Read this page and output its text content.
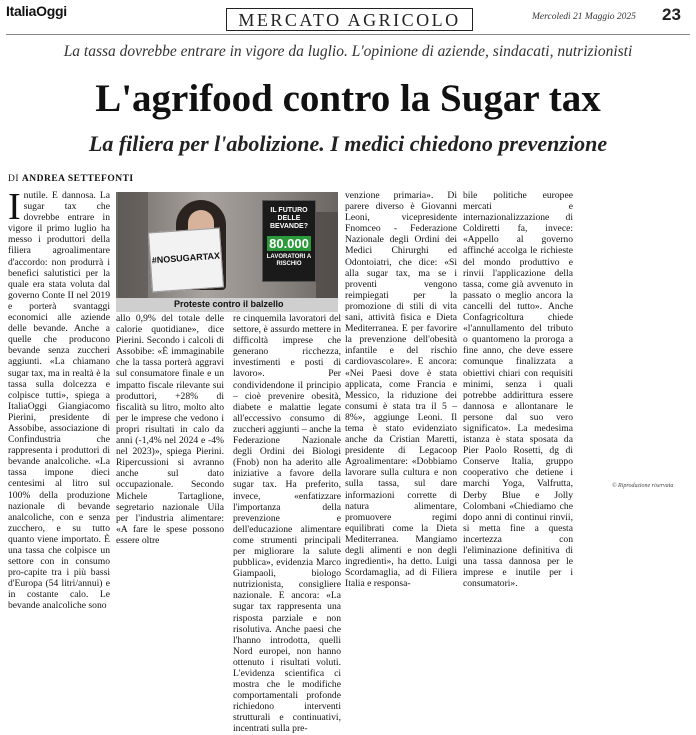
ItaliaOggi	MERCATO AGRICOLO	Mercoledì 21 Maggio 2025 23
La tassa dovrebbe entrare in vigore da luglio. L'opinione di aziende, sindacati, nutrizionisti
L'agrifood contro la Sugar tax
La filiera per l'abolizione. I medici chiedono prevenzione
DI ANDREA SETTEFONTI
#NOSUGARTAX
IL FUTURO DELLE BEVANDE?
80.000
LAVORATORI A RISCHIO
Proteste contro il balzello
Inutile. E dannosa. La sugar tax che dovrebbe entrare in vigore il primo luglio ha messo i produttori della filiera agroalimentare d'accordo: non produrrà i benefici salutistici per la quale era stata voluta dal governo Conte II nel 2019 e porterà svantaggi economici alle aziende delle bevande. Anche a quelle che producono bevande senza zuccheri aggiunti. «La chiamano sugar tax, ma in realtà è la tassa sulla dolcezza e colpisce tutti», spiega a ItaliaOggi Giangiacomo Pierini, presidente di Assobibe, associazione di Confindustria che rappresenta i produttori di bevande analcoliche. «La tassa impone dieci centesimi al litro sul 100% della produzione nazionale di bevande analcoliche, con e senza zucchero, e su tutto quanto viene importato. È una tassa che colpisce un settore con in consumo pro-capite tra i più bassi d'Europa (54 litri/annui) e in costante calo. Le bevande analcoliche sono
allo 0,9% del totale delle calorie quotidiane», dice Pierini. Secondo i calcoli di Assobibe: «È immaginabile che la tassa porterà aggravi sul consumatore finale e un impatto fiscale rilevante sui produttori, +28% di fiscalità su litro, molto alto per le imprese che vedono i propri risultati in calo da anni (-1,4% nel 2024 e -4% nel 2023)», spiega Pierini. Ripercussioni si avranno anche sul dato occupazionale. Secondo Michele Tartaglione, segretario nazionale Uila per l'industria alimentare: «A fare le spese possono essere oltre
re cinquemila lavoratori del settore, è assurdo mettere in difficoltà imprese che generano ricchezza, investimenti e posti di lavoro». Per condividendone il principio – cioè prevenire obesità, diabete e malattie legate all'eccessivo consumo di zuccheri aggiunti – anche la Federazione Nazionale degli Ordini dei Biologi (Fnob) non ha aderito alle iniziative a favore della sugar tax. Ha preferito, invece, «enfatizzare l'importanza della prevenzione e dell'educazione alimentare come strumenti principali per migliorare la salute pubblica», evidenzia Marco Giampaoli, biologo nutrizionista, consigliere nazionale. E ancora: «La sugar tax rappresenta una risposta parziale e non risolutiva. Anche paesi che l'hanno introdotta, quelli Nord europei, non hanno ottenuto i risultati voluti. L'evidenza scientifica ci mostra che le modifiche comportamentali profonde richiedono interventi strutturali e continuativi, incentrati sulla pre-
venzione primaria». Di parere diverso è Giovanni Leoni, vicepresidente Fnomceo - Federazione Nazionale degli Ordini dei Medici Chirurghi ed Odontoiatri, che dice: «Sì alla sugar tax, ma se i proventi vengono reimpiegati per la promozione di stili di vita sani, attività fisica e Dieta Mediterranea. E per favorire la prevenzione dell'obesità infantile e del rischio cardiovascolare». E ancora: «Nei Paesi dove è stata applicata, come Francia e Messico, la riduzione dei consumi è stata tra il 5 – 8%», aggiunge Leoni. Il tema è stato evidenziato anche da Cristian Maretti, presidente di Legacoop Agroalimentare: «Dobbiamo lavorare sulla cultura e non sulla tassa, sul dare informazioni corrette di natura alimentare, promuovere regimi equilibrati come la Dieta Mediterranea. Mangiamo degli alimenti e non degli ingredienti», ha detto. Luigi Scordamaglia, ad di Filiera Italia e responsa-
bile politiche europee mercati e internazionalizzazione di Coldiretti fa, invece: «Appello al governo affinché accolga le richieste del mondo produttivo e rinvii l'applicazione della tassa, come già avvenuto in passato o meglio ancora la cancelli del tutto». Anche Confagricoltura chiede «l'annullamento del tributo o quantomeno la proroga a fine anno, che deve essere comunque finalizzata a obiettivi chiari con requisiti minimi, senza i quali potrebbe addirittura essere dannosa e allontanare le persone dal suo vero significato». La medesima istanza è stata sposata da Pier Paolo Rosetti, dg di Conserve Italia, gruppo cooperativo che detiene i marchi Yoga, Valfrutta, Derby Blue e Jolly Colombani «Chiediamo che dopo anni di continui rinvii, si metta fine a questa incertezza con l'eliminazione definitiva di una tassa dannosa per le imprese e inutile per i consumatori».
© Riproduzione riservata
